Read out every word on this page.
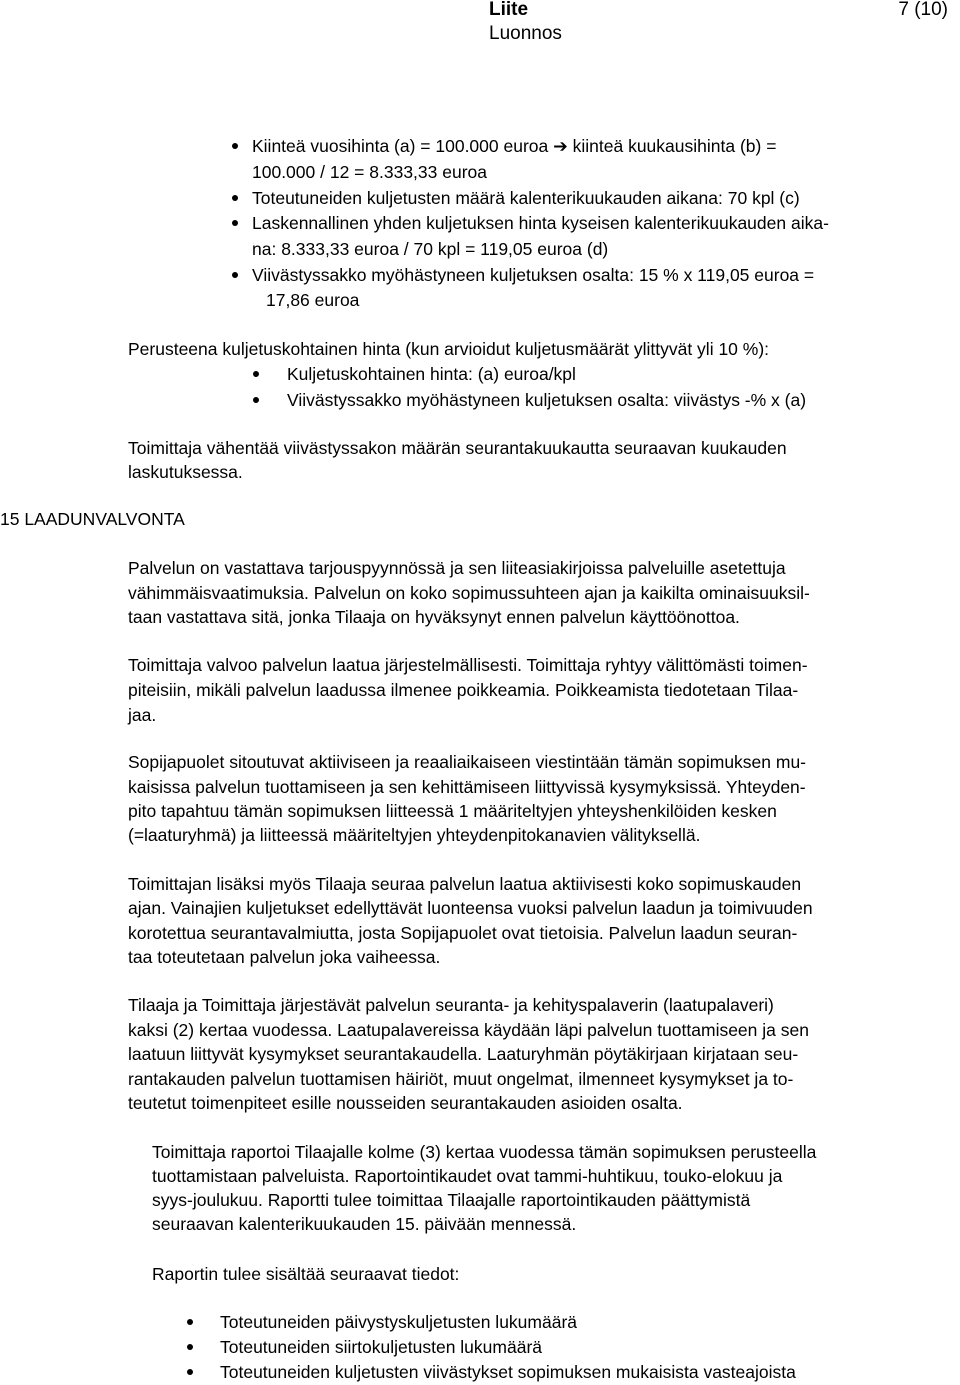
Liite	7 (10)
Luonnos
Kiinteä vuosihinta (a) = 100.000 euroa ➔ kiinteä kuukausihinta (b) =
100.000 / 12 = 8.333,33 euroa
Toteutuneiden kuljetusten määrä kalenterikuukauden aikana: 70 kpl (c)
Laskennallinen yhden kuljetuksen hinta kyseisen kalenterikuukauden aika-
na: 8.333,33 euroa / 70 kpl = 119,05 euroa (d)
Viivästyssakko myöhästyneen kuljetuksen osalta: 15 % x 119,05 euroa =
17,86 euroa
Perusteena kuljetuskohtainen hinta (kun arvioidut kuljetusmäärät ylittyvät yli 10 %):
Kuljetuskohtainen hinta: (a) euroa/kpl
Viivästyssakko myöhästyneen kuljetuksen osalta: viivästys -% x (a)
Toimittaja vähentää viivästyssakon määrän seurantakuukautta seuraavan kuukauden
laskutuksessa.
15 LAADUNVALVONTA
Palvelun on vastattava tarjouspyynnössä ja sen liiteasiakirjoissa palveluille asetettuja
vähimmäisvaatimuksia. Palvelun on koko sopimussuhteen ajan ja kaikilta ominaisuuksil-
taan vastattava sitä, jonka Tilaaja on hyväksynyt ennen palvelun käyttöönottoa.
Toimittaja valvoo palvelun laatua järjestelmällisesti. Toimittaja ryhtyy välittömästi toimen-
piteisiin, mikäli palvelun laadussa ilmenee poikkeamia. Poikkeamista tiedotetaan Tilaa-
jaa.
Sopijapuolet sitoutuvat aktiiviseen ja reaaliaikaiseen viestintään tämän sopimuksen mu-
kaisissa palvelun tuottamiseen ja sen kehittämiseen liittyvissä kysymyksissä. Yhteyden-
pito tapahtuu tämän sopimuksen liitteessä 1 määriteltyjen yhteyshenkilöiden kesken
(=laaturyhmä) ja liitteessä määriteltyjen yhteydenpitokanavien välityksellä.
Toimittajan lisäksi myös Tilaaja seuraa palvelun laatua aktiivisesti koko sopimuskauden
ajan. Vainajien kuljetukset edellyttävät luonteensa vuoksi palvelun laadun ja toimivuuden
korotettua seurantavalmiutta, josta Sopijapuolet ovat tietoisia. Palvelun laadun seuran-
taa toteutetaan palvelun joka vaiheessa.
Tilaaja ja Toimittaja järjestävät palvelun seuranta- ja kehityspalaverin (laatupalaveri)
kaksi (2) kertaa vuodessa. Laatupalavereissa käydään läpi palvelun tuottamiseen ja sen
laatuun liittyvät kysymykset seurantakaudella. Laaturyhmän pöytäkirjaan kirjataan seu-
rantakauden palvelun tuottamisen häiriöt, muut ongelmat, ilmenneet kysymykset ja to-
teutetut toimenpiteet esille nousseiden seurantakauden asioiden osalta.
Toimittaja raportoi Tilaajalle kolme (3) kertaa vuodessa tämän sopimuksen perusteella
tuottamistaan palveluista. Raportointikaudet ovat tammi-huhtikuu, touko-elokuu ja
syys-joulukuu. Raportti tulee toimittaa Tilaajalle raportointikauden päättymistä
seuraavan kalenterikuukauden 15. päivään mennessä.
Raportin tulee sisältää seuraavat tiedot:
Toteutuneiden päivystyskuljetusten lukumäärä
Toteutuneiden siirtokuljetusten lukumäärä
Toteutuneiden kuljetusten viivästykset sopimuksen mukaisista vasteajoista
